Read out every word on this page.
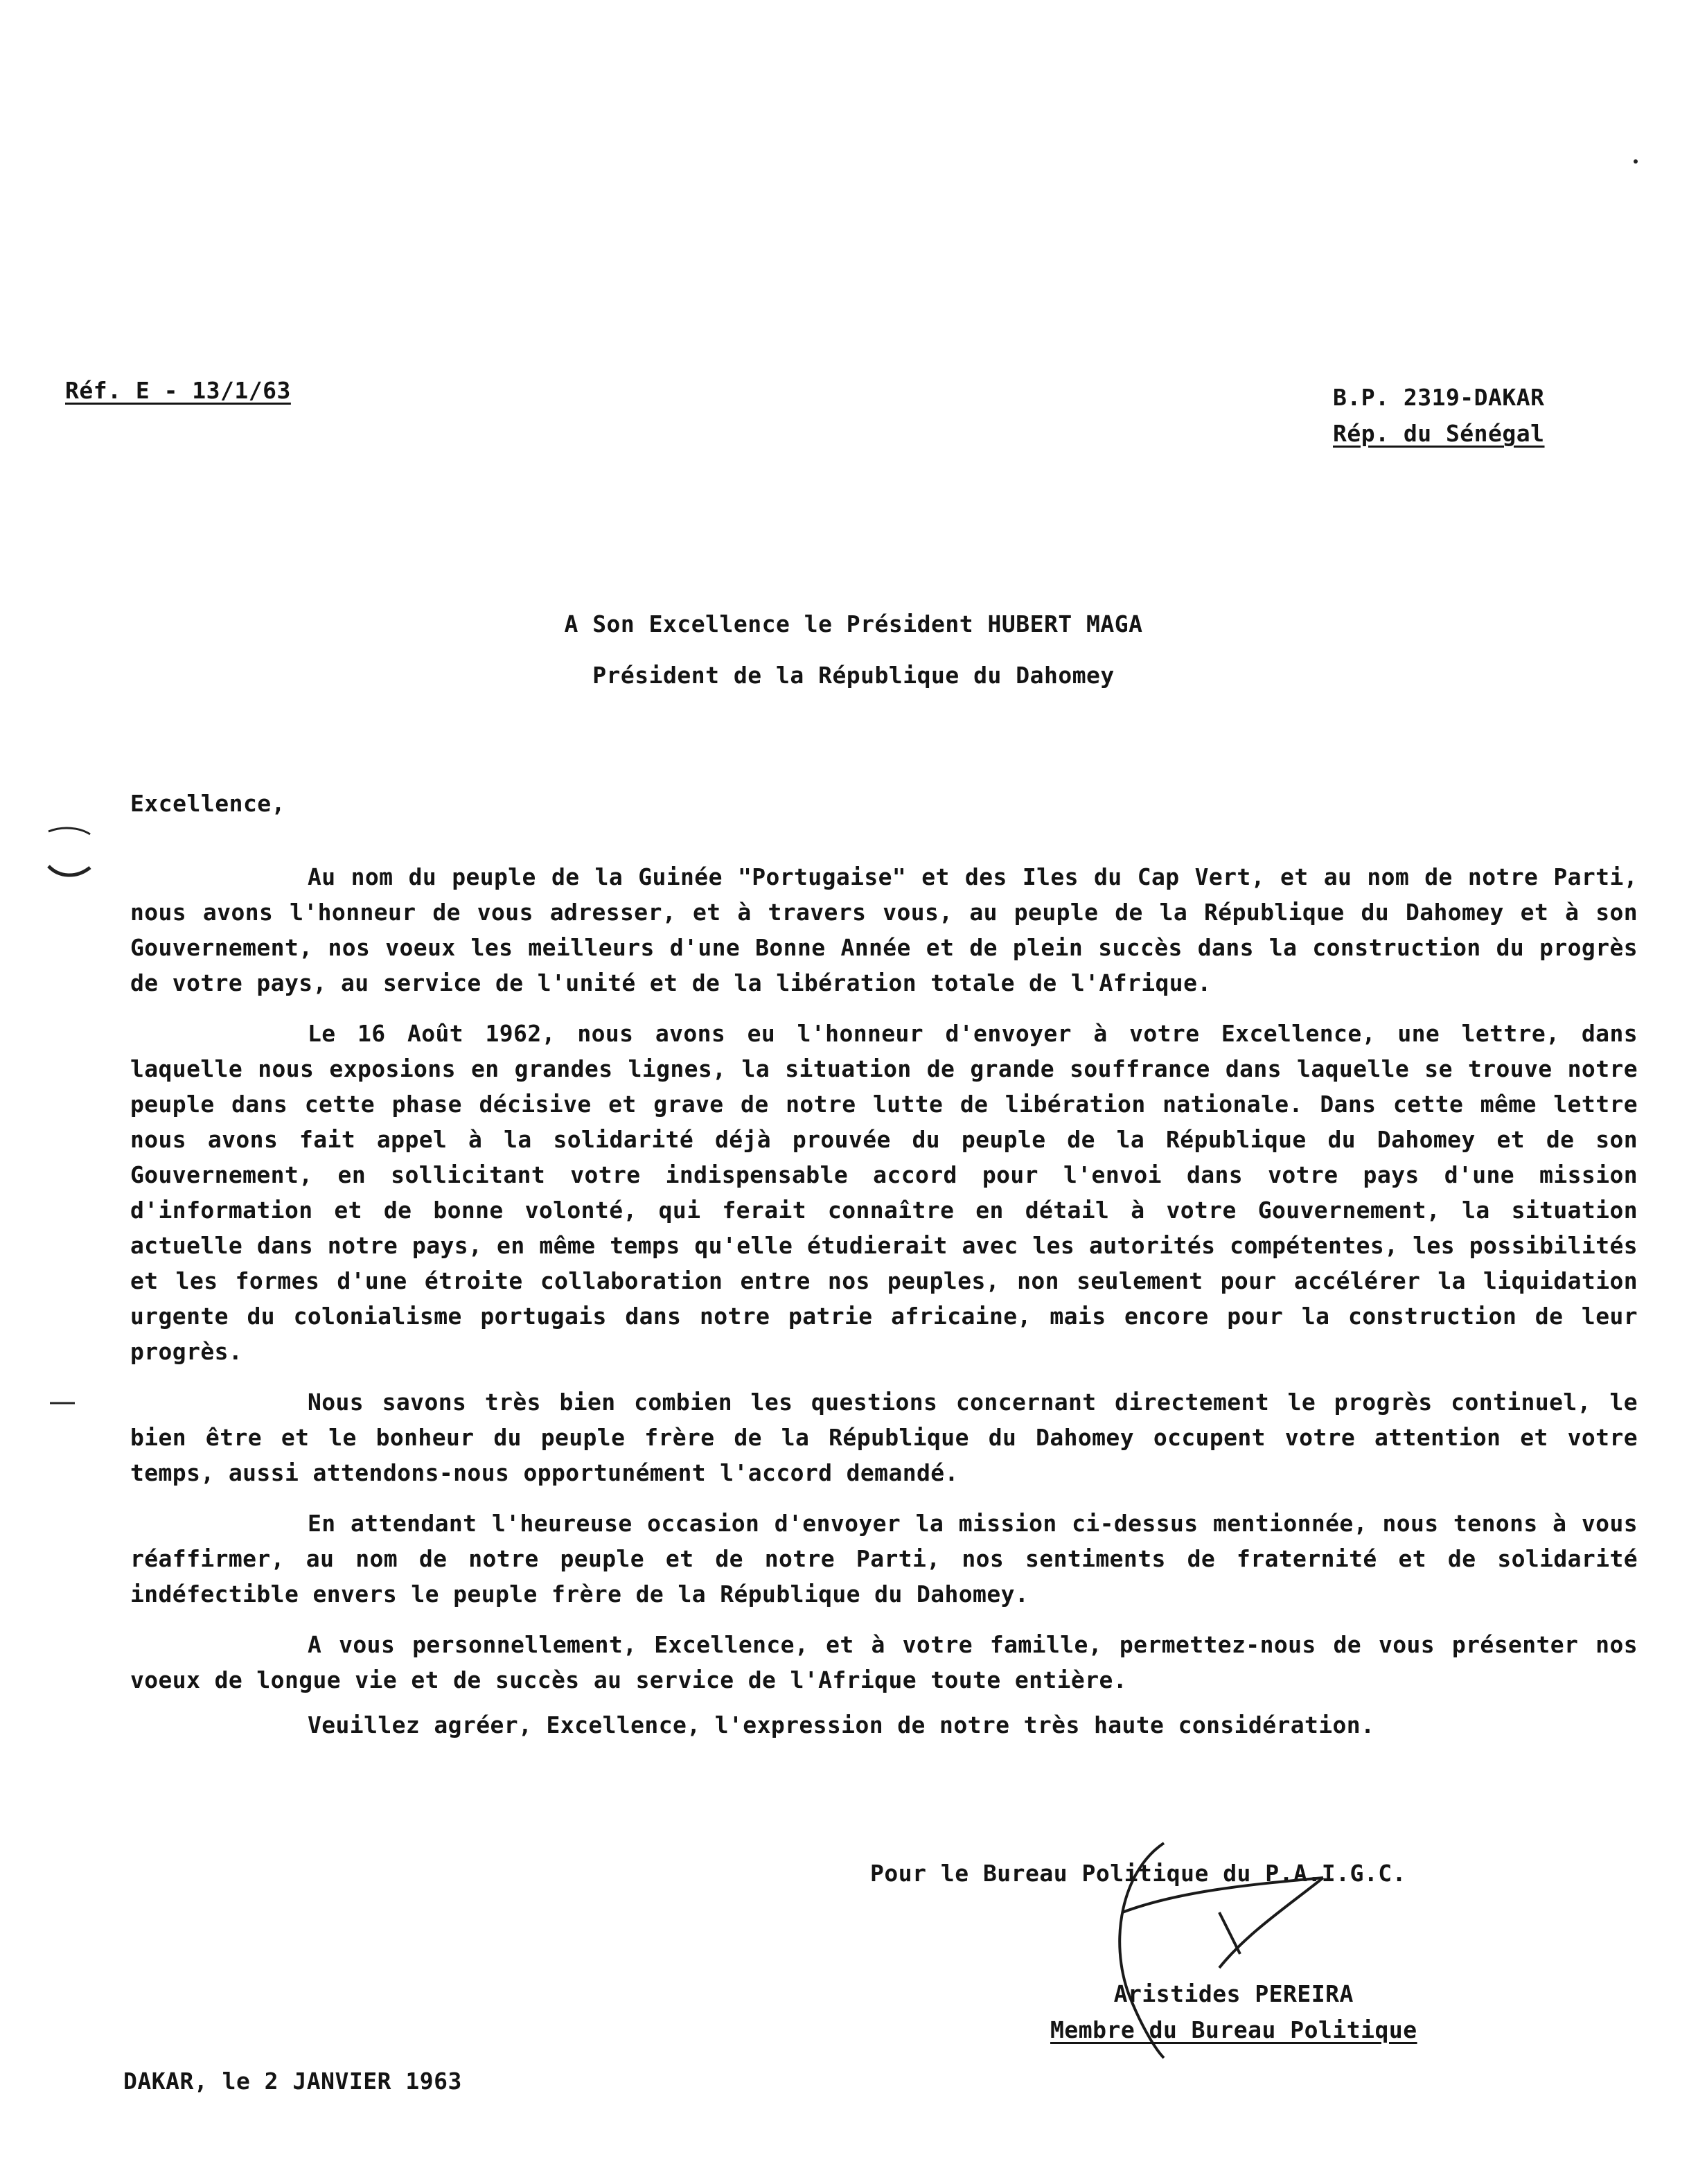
Réf. E - 13/1/63	B.P. 2319-DAKAR
Rép. du Sénégal
A Son Excellence le Président HUBERT MAGA
Président de la République du Dahomey
Excellence,

Au nom du peuple de la Guinée "Portugaise" et des Iles du Cap Vert, et au nom de notre Parti, nous avons l'honneur de vous adresser, et à travers vous, au peuple de la République du Dahomey et à son Gouvernement, nos voeux les meilleurs d'une Bonne Année et de plein succès dans la construction du progrès de votre pays, au service de l'unité et de la libération totale de l'Afrique.

Le 16 Août 1962, nous avons eu l'honneur d'envoyer à votre Excellence, une lettre, dans laquelle nous exposions en grandes lignes, la situation de grande souffrance dans laquelle se trouve notre peuple dans cette phase décisive et grave de notre lutte de libération nationale. Dans cette même lettre nous avons fait appel à la solidarité déjà prouvée du peuple de la République du Dahomey et de son Gouvernement, en sollicitant votre indispensable accord pour l'envoi dans votre pays d'une mission d'information et de bonne volonté, qui ferait connaître en détail à votre Gouvernement, la situation actuelle dans notre pays, en même temps qu'elle étudierait avec les autorités compétentes, les possibilités et les formes d'une étroite collaboration entre nos peuples, non seulement pour accélérer la liquidation urgente du colonialisme portugais dans notre patrie africaine, mais encore pour la construction de leur progrès.

Nous savons très bien combien les questions concernant directement le progrès continuel, le bien être et le bonheur du peuple frère de la République du Dahomey occupent votre attention et votre temps, aussi attendons-nous opportunément l'accord demandé.

En attendant l'heureuse occasion d'envoyer la mission ci-dessus mentionnée, nous tenons à vous réaffirmer, au nom de notre peuple et de notre Parti, nos sentiments de fraternité et de solidarité indéfectible envers le peuple frère de la République du Dahomey.

A vous personnellement, Excellence, et à votre famille, permettez-nous de vous présenter nos voeux de longue vie et de succès au service de l'Afrique toute entière.

Veuillez agréer, Excellence, l'expression de notre très haute considération.

Pour le Bureau Politique du P.A.I.G.C.
Aristides PEREIRA
Membre du Bureau Politique
DAKAR, le 2 JANVIER 1963
